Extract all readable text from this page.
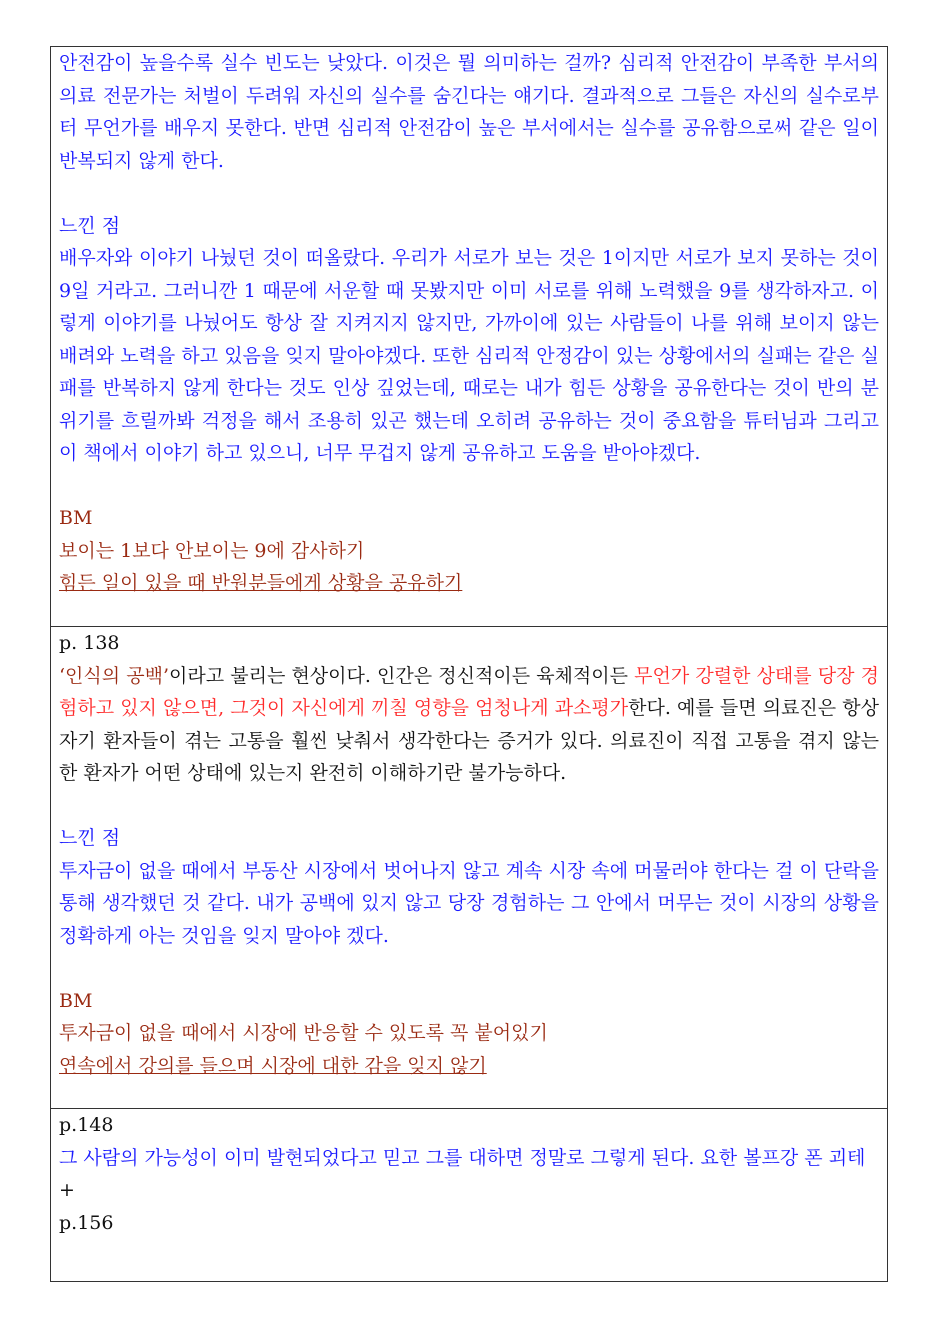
안전감이 높을수록 실수 빈도는 낮았다. 이것은 뭘 의미하는 걸까? 심리적 안전감이 부족한 부서의 의료 전문가는 처벌이 두려워 자신의 실수를 숨긴다는 얘기다. 결과적으로 그들은 자신의 실수로부터 무언가를 배우지 못한다. 반면 심리적 안전감이 높은 부서에서는 실수를 공유함으로써 같은 일이 반복되지 않게 한다.

느낀 점

배우자와 이야기 나눴던 것이 떠올랐다. 우리가 서로가 보는 것은 1이지만 서로가 보지 못하는 것이 9일 거라고. 그러니깐 1 때문에 서운할 때 못봤지만 이미 서로를 위해 노력했을 9를 생각하자고. 이렇게 이야기를 나눴어도 항상 잘 지켜지지 않지만, 가까이에 있는 사람들이 나를 위해 보이지 않는 배려와 노력을 하고 있음을 잊지 말아야겠다. 또한 심리적 안정감이 있는 상황에서의 실패는 같은 실패를 반복하지 않게 한다는 것도 인상 깊었는데, 때로는 내가 힘든 상황을 공유한다는 것이 반의 분위기를 흐릴까봐 걱정을 해서 조용히 있곤 했는데 오히려 공유하는 것이 중요함을 튜터님과 그리고 이 책에서 이야기 하고 있으니, 너무 무겁지 않게 공유하고 도움을 받아야겠다.

BM

보이는 1보다 안보이는 9에 감사하기

힘든 일이 있을 때 반원분들에게 상황을 공유하기

p. 138

‘인식의 공백’이라고 불리는 현상이다. 인간은 정신적이든 육체적이든 무언가 강렬한 상태를 당장 경험하고 있지 않으면, 그것이 자신에게 끼칠 영향을 엄청나게 과소평가한다. 예를 들면 의료진은 항상 자기 환자들이 겪는 고통을 훨씬 낮춰서 생각한다는 증거가 있다. 의료진이 직접 고통을 겪지 않는 한 환자가 어떤 상태에 있는지 완전히 이해하기란 불가능하다.

느낀 점

투자금이 없을 때에서 부동산 시장에서 벗어나지 않고 계속 시장 속에 머물러야 한다는 걸 이 단락을 통해 생각했던 것 같다. 내가 공백에 있지 않고 당장 경험하는 그 안에서 머무는 것이 시장의 상황을 정확하게 아는 것임을 잊지 말아야 겠다.

BM

투자금이 없을 때에서 시장에 반응할 수 있도록 꼭 붙어있기

연속에서 강의를 들으며 시장에 대한 감을 잊지 않기

p.148

그 사람의 가능성이 이미 발현되었다고 믿고 그를 대하면 정말로 그렇게 된다. 요한 볼프강 폰 괴테

+

p.156
